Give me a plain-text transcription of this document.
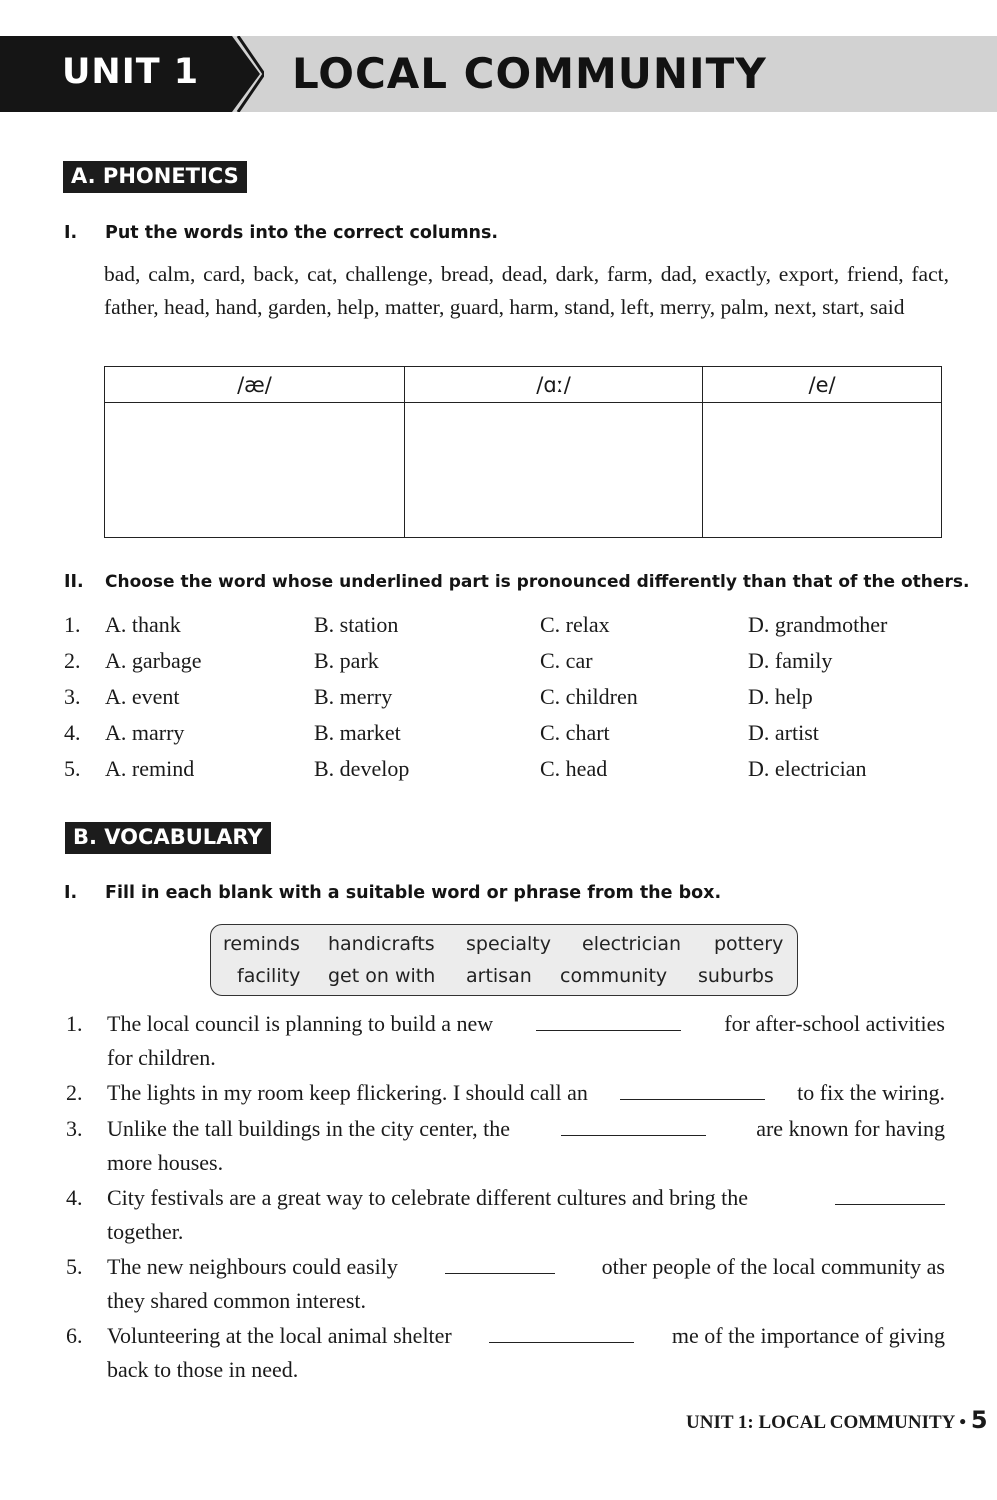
UNIT 1 LOCAL COMMUNITY
A. PHONETICS
I. Put the words into the correct columns.
bad, calm, card, back, cat, challenge, bread, dead, dark, farm, dad, exactly, export, friend, fact, father, head, hand, garden, help, matter, guard, harm, stand, left, merry, palm, next, start, said
/æ/	/ɑː/	/e/

II. Choose the word whose underlined part is pronounced differently than that of the others.
1. A. thank	B. station	C. relax	D. grandmother
2. A. garbage	B. park	C. car	D. family
3. A. event	B. merry	C. children	D. help
4. A. marry	B. market	C. chart	D. artist
5. A. remind	B. develop	C. head	D. electrician
B. VOCABULARY
I. Fill in each blank with a suitable word or phrase from the box.
reminds handicrafts specialty electrician pottery
facility get on with artisan community suburbs
1. The local council is planning to build a new	for after-school activities
for children.
2. The lights in my room keep flickering. I should call an	to fix the wiring.
3. Unlike the tall buildings in the city center, the	are known for having
more houses.
4. City festivals are a great way to celebrate different cultures and bring the
together.
5. The new neighbours could easily	other people of the local community as
they shared common interest.
6. Volunteering at the local animal shelter	me of the importance of giving
back to those in need.
UNIT 1: LOCAL COMMUNITY • 5
